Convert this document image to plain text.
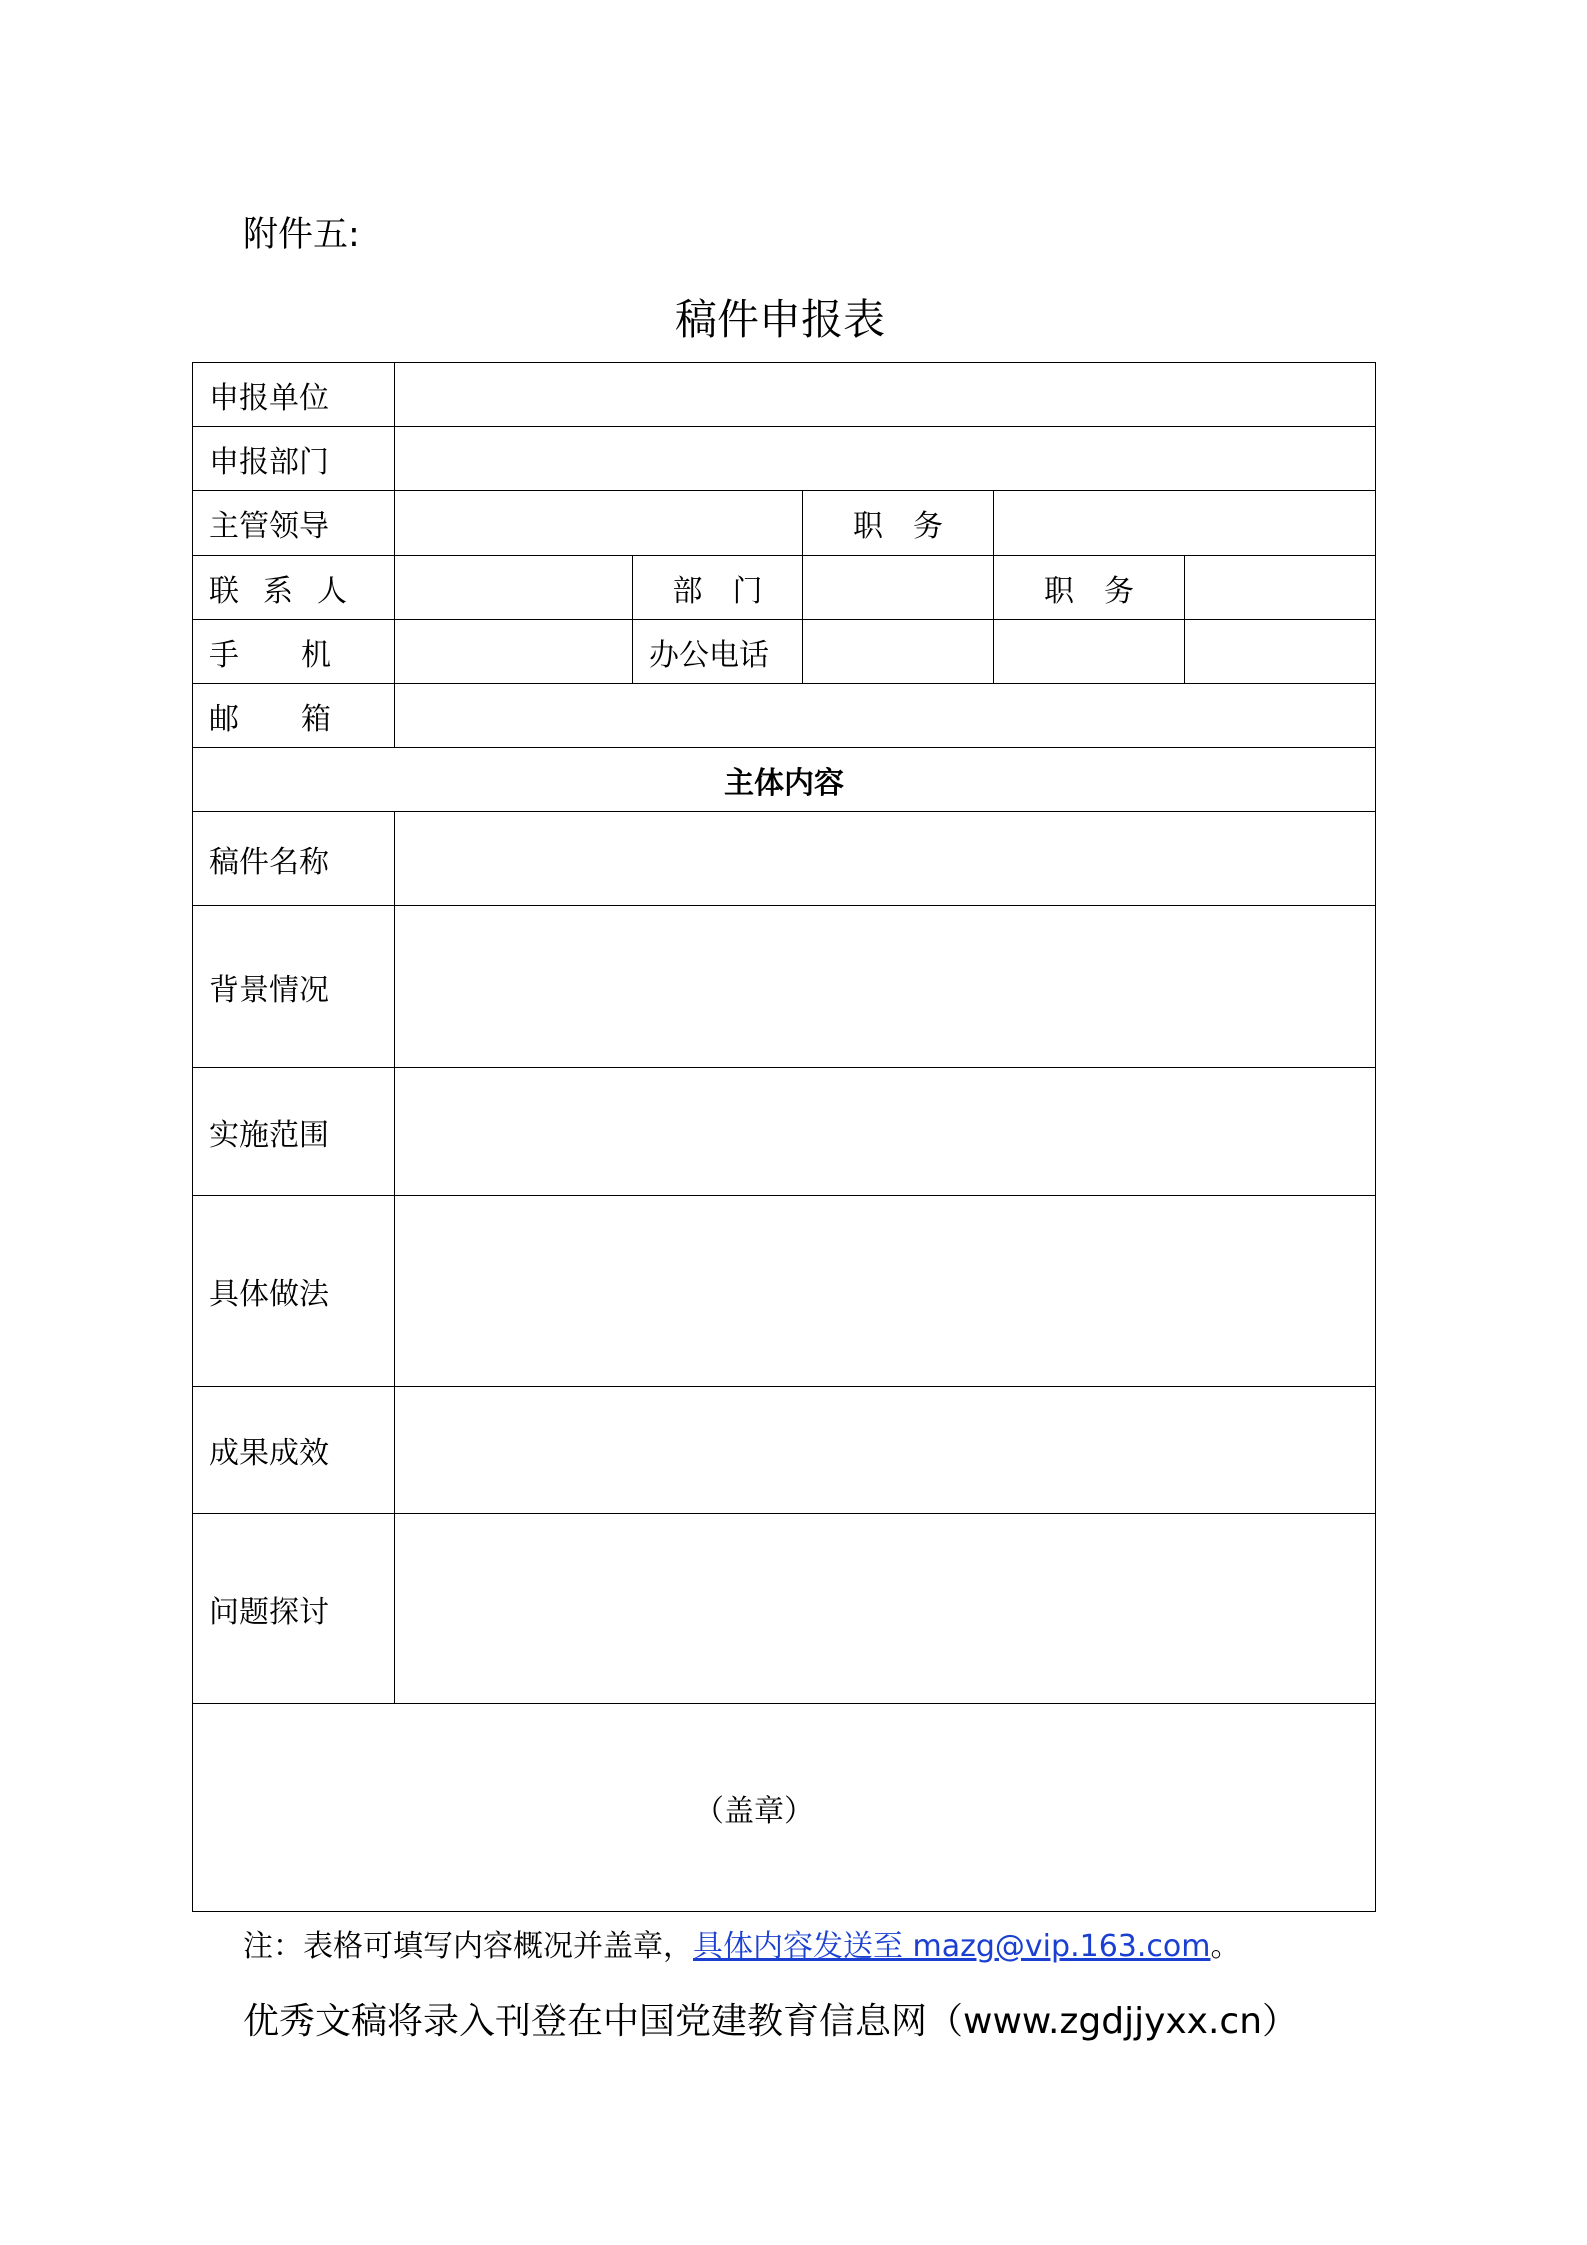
附件五:
稿件申报表
申报单位					
申报部门					
主管领导			职　务		
联系人		部　门		职　务	
手机		办公电话			
邮箱					
主体内容					
稿件名称					
背景情况					
实施范围					
具体做法					
成果成效					
问题探讨					
（盖章）					
注：表格可填写内容概况并盖章，具体内容发送至 mazg@vip.163.com。
优秀文稿将录入刊登在中国党建教育信息网（www.zgdjjyxx.cn）
